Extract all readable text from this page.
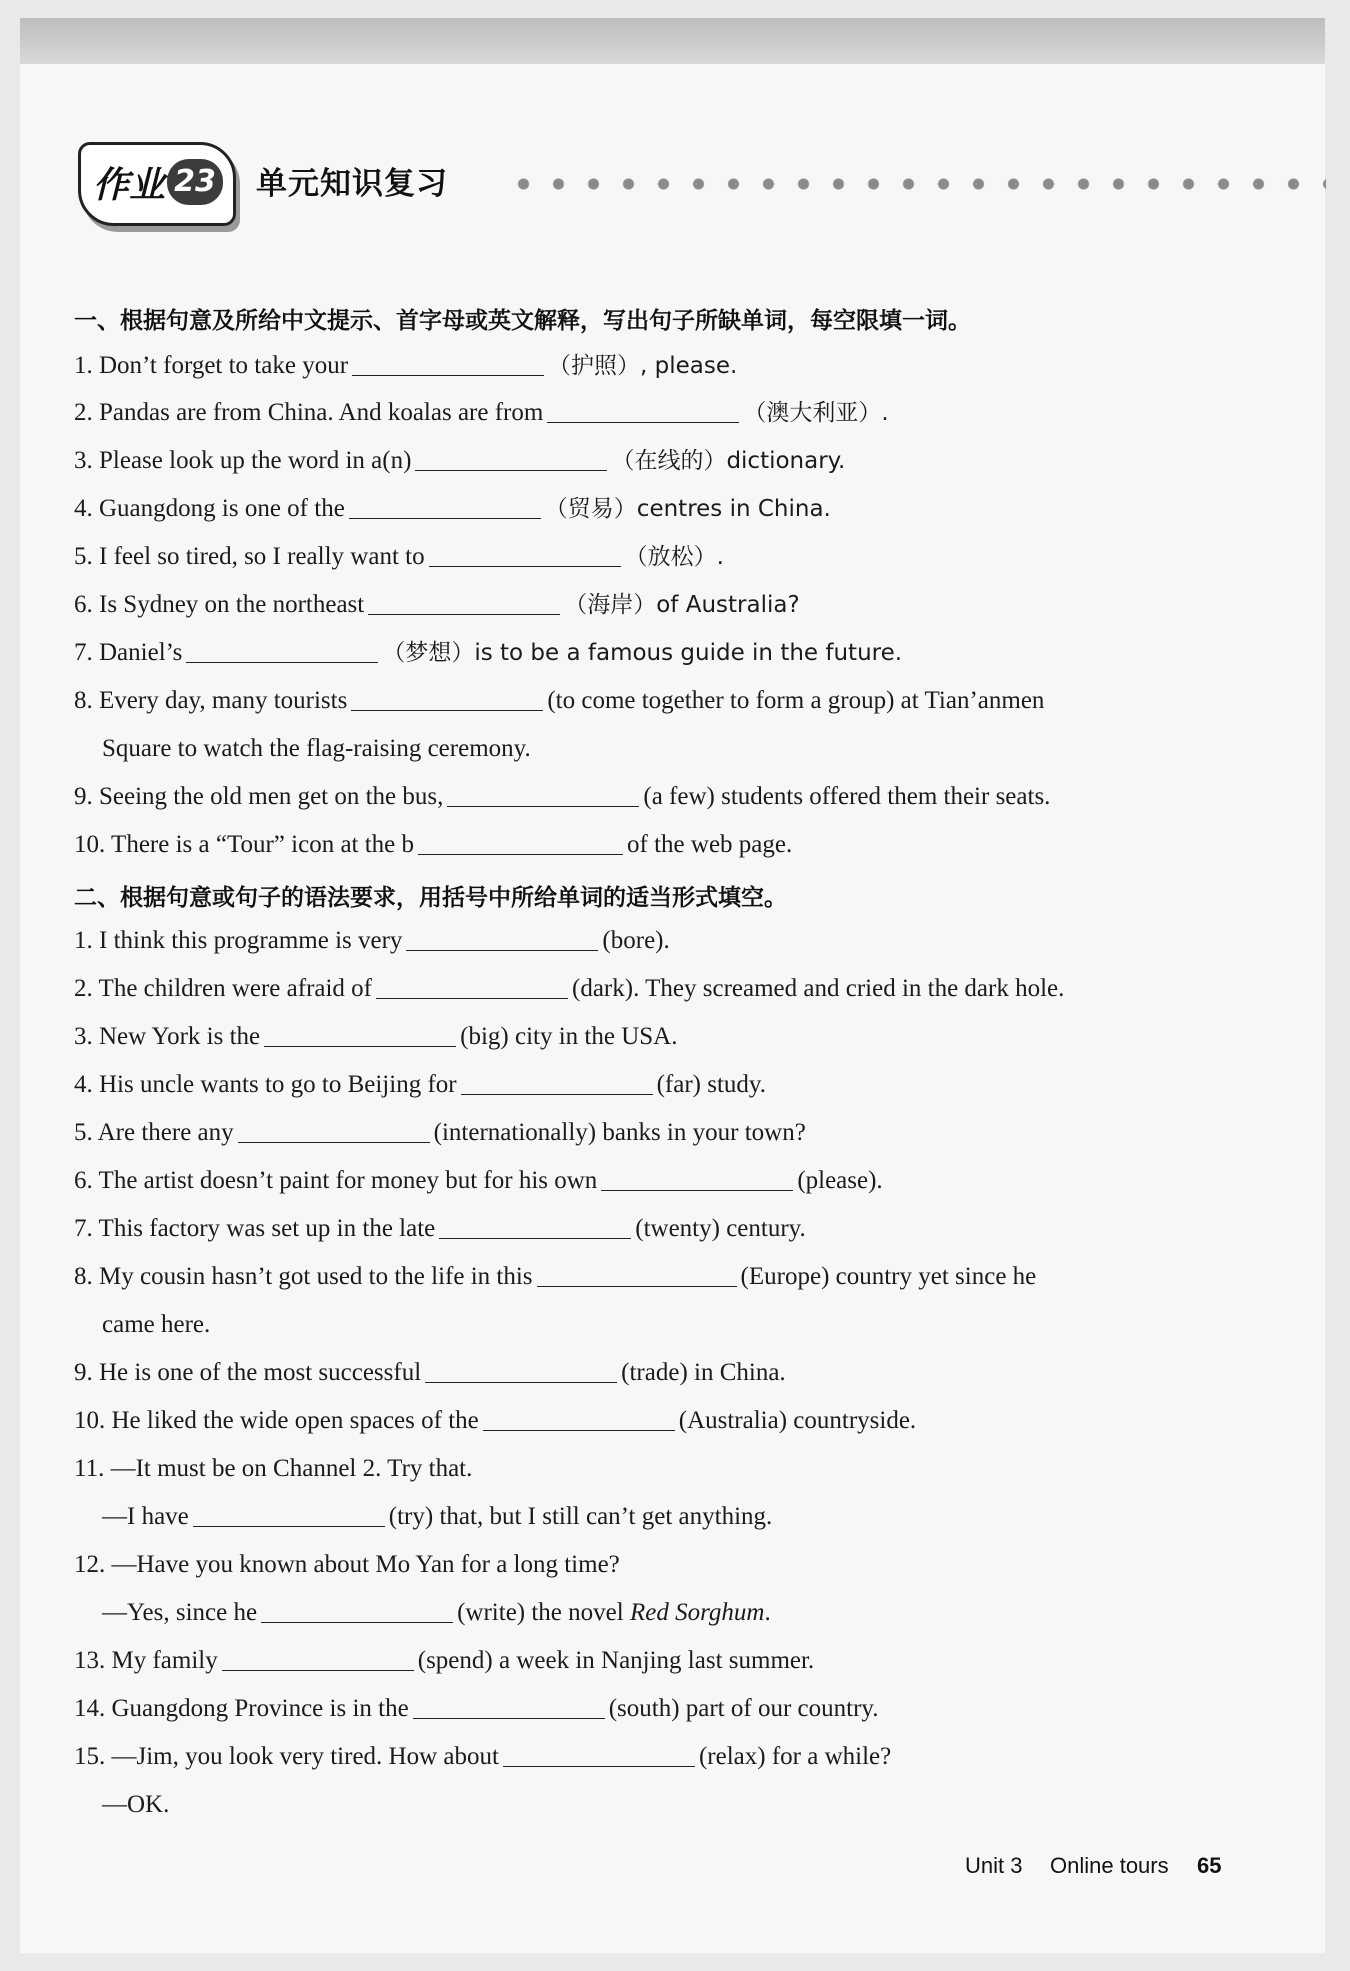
作业 23 单元知识复习
一、根据句意及所给中文提示、首字母或英文解释，写出句子所缺单词，每空限填一词。
1. Don’t forget to take your	（护照）, please.
2. Pandas are from China. And koalas are from	（澳大利亚）.
3. Please look up the word in a(n)	（在线的）dictionary.
4. Guangdong is one of the	（贸易）centres in China.
5. I feel so tired, so I really want to	（放松）.
6. Is Sydney on the northeast	（海岸）of Australia?
7. Daniel’s	（梦想）is to be a famous guide in the future.
8. Every day, many tourists	(to come together to form a group) at Tian’anmen
Square to watch the flag-raising ceremony.
9. Seeing the old men get on the bus,	(a few) students offered them their seats.
10. There is a “Tour” icon at the b	of the web page.
二、根据句意或句子的语法要求，用括号中所给单词的适当形式填空。
1. I think this programme is very	(bore).
2. The children were afraid of	(dark). They screamed and cried in the dark hole.
3. New York is the	(big) city in the USA.
4. His uncle wants to go to Beijing for	(far) study.
5. Are there any	(internationally) banks in your town?
6. The artist doesn’t paint for money but for his own	(please).
7. This factory was set up in the late	(twenty) century.
8. My cousin hasn’t got used to the life in this	(Europe) country yet since he
came here.
9. He is one of the most successful	(trade) in China.
10. He liked the wide open spaces of the	(Australia) countryside.
11. —It must be on Channel 2. Try that.
—I have	(try) that, but I still can’t get anything.
12. —Have you known about Mo Yan for a long time?
—Yes, since he	(write) the novel Red Sorghum.
13. My family	(spend) a week in Nanjing last summer.
14. Guangdong Province is in the	(south) part of our country.
15. —Jim, you look very tired. How about	(relax) for a while?
—OK.
Unit 3 Online tours 65
